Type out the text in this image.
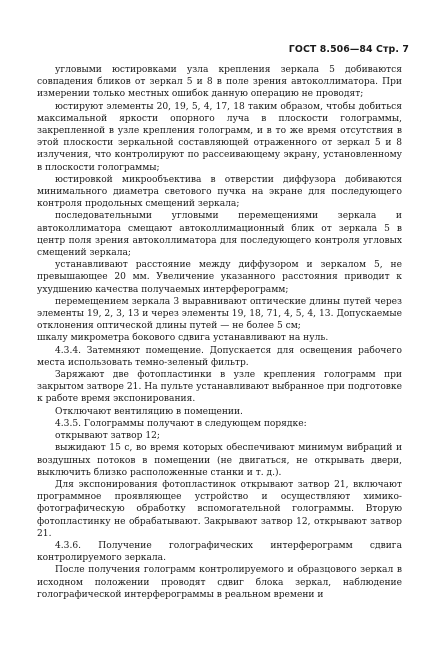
ГОСТ 8.506—84 Стр. 7

угловыми юстировками узла крепления зеркала 5 добиваются совпадения бликов от зеркал 5 и 8 в поле зрения автоколлиматора. При измерении только местных ошибок данную операцию не проводят;

юстируют элементы 20, 19, 5, 4, 17, 18 таким образом, чтобы добиться максимальной яркости опорного луча в плоскости голограммы, закрепленной в узле крепления голограмм, и в то же время отсутствия в этой плоскости зеркальной составляющей отраженного от зеркал 5 и 8 излучения, что контролируют по рассеивающему экрану, установленному в плоскости голограммы;

юстировкой микрообъектива в отверстии диффузора добиваются минимального диаметра светового пучка на экране для последующего контроля продольных смещений зеркала;

последовательными угловыми перемещениями зеркала и автоколлиматора смещают автоколлимационный блик от зеркала 5 в центр поля зрения автоколлиматора для последующего контроля угловых смещений зеркала;

устанавливают расстояние между диффузором и зеркалом 5, не превышающее 20 мм. Увеличение указанного расстояния приводит к ухудшению качества получаемых интерферограмм;

перемещением зеркала 3 выравнивают оптические длины путей через элементы 19, 2, 3, 13 и через элементы 19, 18, 71, 4, 5, 4, 13. Допускаемые отклонения оптической длины путей — не более 5 см;

шкалу микрометра бокового сдвига устанавливают на нуль.

4.3.4. Затемняют помещение. Допускается для освещения рабочего места использовать темно-зеленый фильтр.

Заряжают две фотопластинки в узле крепления голограмм при закрытом затворе 21. На пульте устанавливают выбранное при подготовке к работе время экспонирования.

Отключают вентиляцию в помещении.

4.3.5. Голограммы получают в следующем порядке:

открывают затвор 12;

выжидают 15 с, во время которых обеспечивают минимум вибраций и воздушных потоков в помещении (не двигаться, не открывать двери, выключить близко расположенные станки и т. д.).

Для экспонирования фотопластинок открывают затвор 21, включают программное проявляющее устройство и осуществляют химико-фотографическую обработку вспомогательной голограммы. Вторую фотопластинку не обрабатывают. Закрывают затвор 12, открывают затвор 21.

4.3.6. Получение голографических интерферограмм сдвига контролируемого зеркала.

После получения голограмм контролируемого и образцового зеркал в исходном положении проводят сдвиг блока зеркал, наблюдение голографической интерферограммы в реальном времени и
